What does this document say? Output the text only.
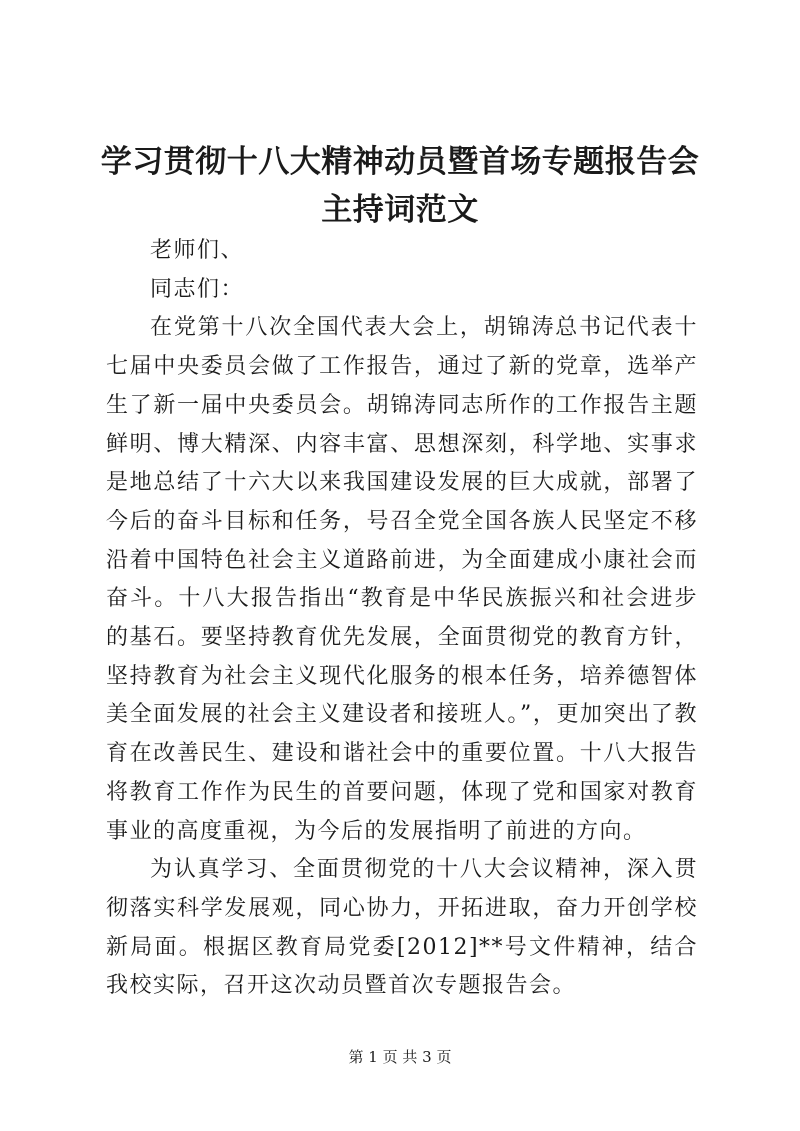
学习贯彻十八大精神动员暨首场专题报告会主持词范文

老师们、

同志们：

在党第十八次全国代表大会上，胡锦涛总书记代表十七届中央委员会做了工作报告，通过了新的党章，选举产生了新一届中央委员会。胡锦涛同志所作的工作报告主题鲜明、博大精深、内容丰富、思想深刻，科学地、实事求是地总结了十六大以来我国建设发展的巨大成就，部署了今后的奋斗目标和任务，号召全党全国各族人民坚定不移沿着中国特色社会主义道路前进，为全面建成小康社会而奋斗。十八大报告指出“教育是中华民族振兴和社会进步的基石。要坚持教育优先发展，全面贯彻党的教育方针，坚持教育为社会主义现代化服务的根本任务，培养德智体美全面发展的社会主义建设者和接班人。”，更加突出了教育在改善民生、建设和谐社会中的重要位置。十八大报告将教育工作作为民生的首要问题，体现了党和国家对教育事业的高度重视，为今后的发展指明了前进的方向。

为认真学习、全面贯彻党的十八大会议精神，深入贯彻落实科学发展观，同心协力，开拓进取，奋力开创学校新局面。根据区教育局党委[2012]**号文件精神，结合我校实际，召开这次动员暨首次专题报告会。

第 1 页 共 3 页
